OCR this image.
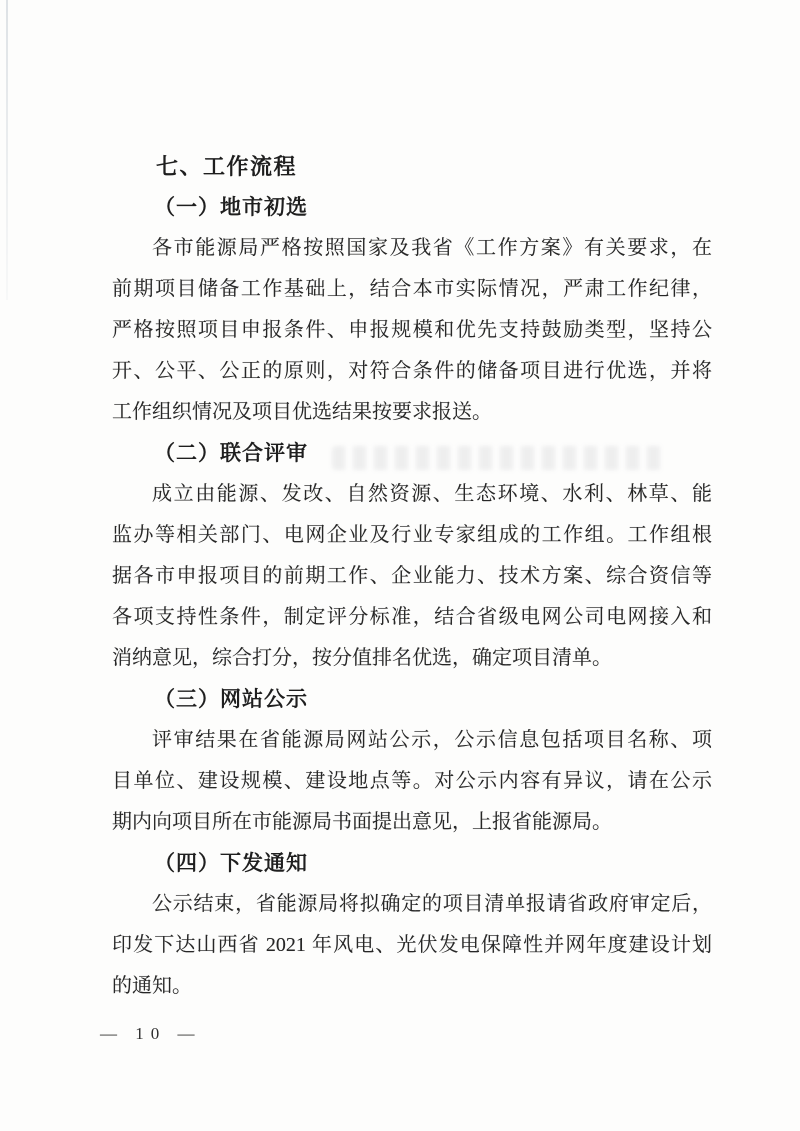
七、工作流程
（一）地市初选
各市能源局严格按照国家及我省《工作方案》有关要求，在
前期项目储备工作基础上，结合本市实际情况，严肃工作纪律，
严格按照项目申报条件、申报规模和优先支持鼓励类型，坚持公
开、公平、公正的原则，对符合条件的储备项目进行优选，并将
工作组织情况及项目优选结果按要求报送。
（二）联合评审
成立由能源、发改、自然资源、生态环境、水利、林草、能
监办等相关部门、电网企业及行业专家组成的工作组。工作组根
据各市申报项目的前期工作、企业能力、技术方案、综合资信等
各项支持性条件，制定评分标准，结合省级电网公司电网接入和
消纳意见，综合打分，按分值排名优选，确定项目清单。
（三）网站公示
评审结果在省能源局网站公示，公示信息包括项目名称、项
目单位、建设规模、建设地点等。对公示内容有异议，请在公示
期内向项目所在市能源局书面提出意见，上报省能源局。
（四）下发通知
公示结束，省能源局将拟确定的项目清单报请省政府审定后，
印发下达山西省 2021 年风电、光伏发电保障性并网年度建设计划
的通知。
— 10 —
